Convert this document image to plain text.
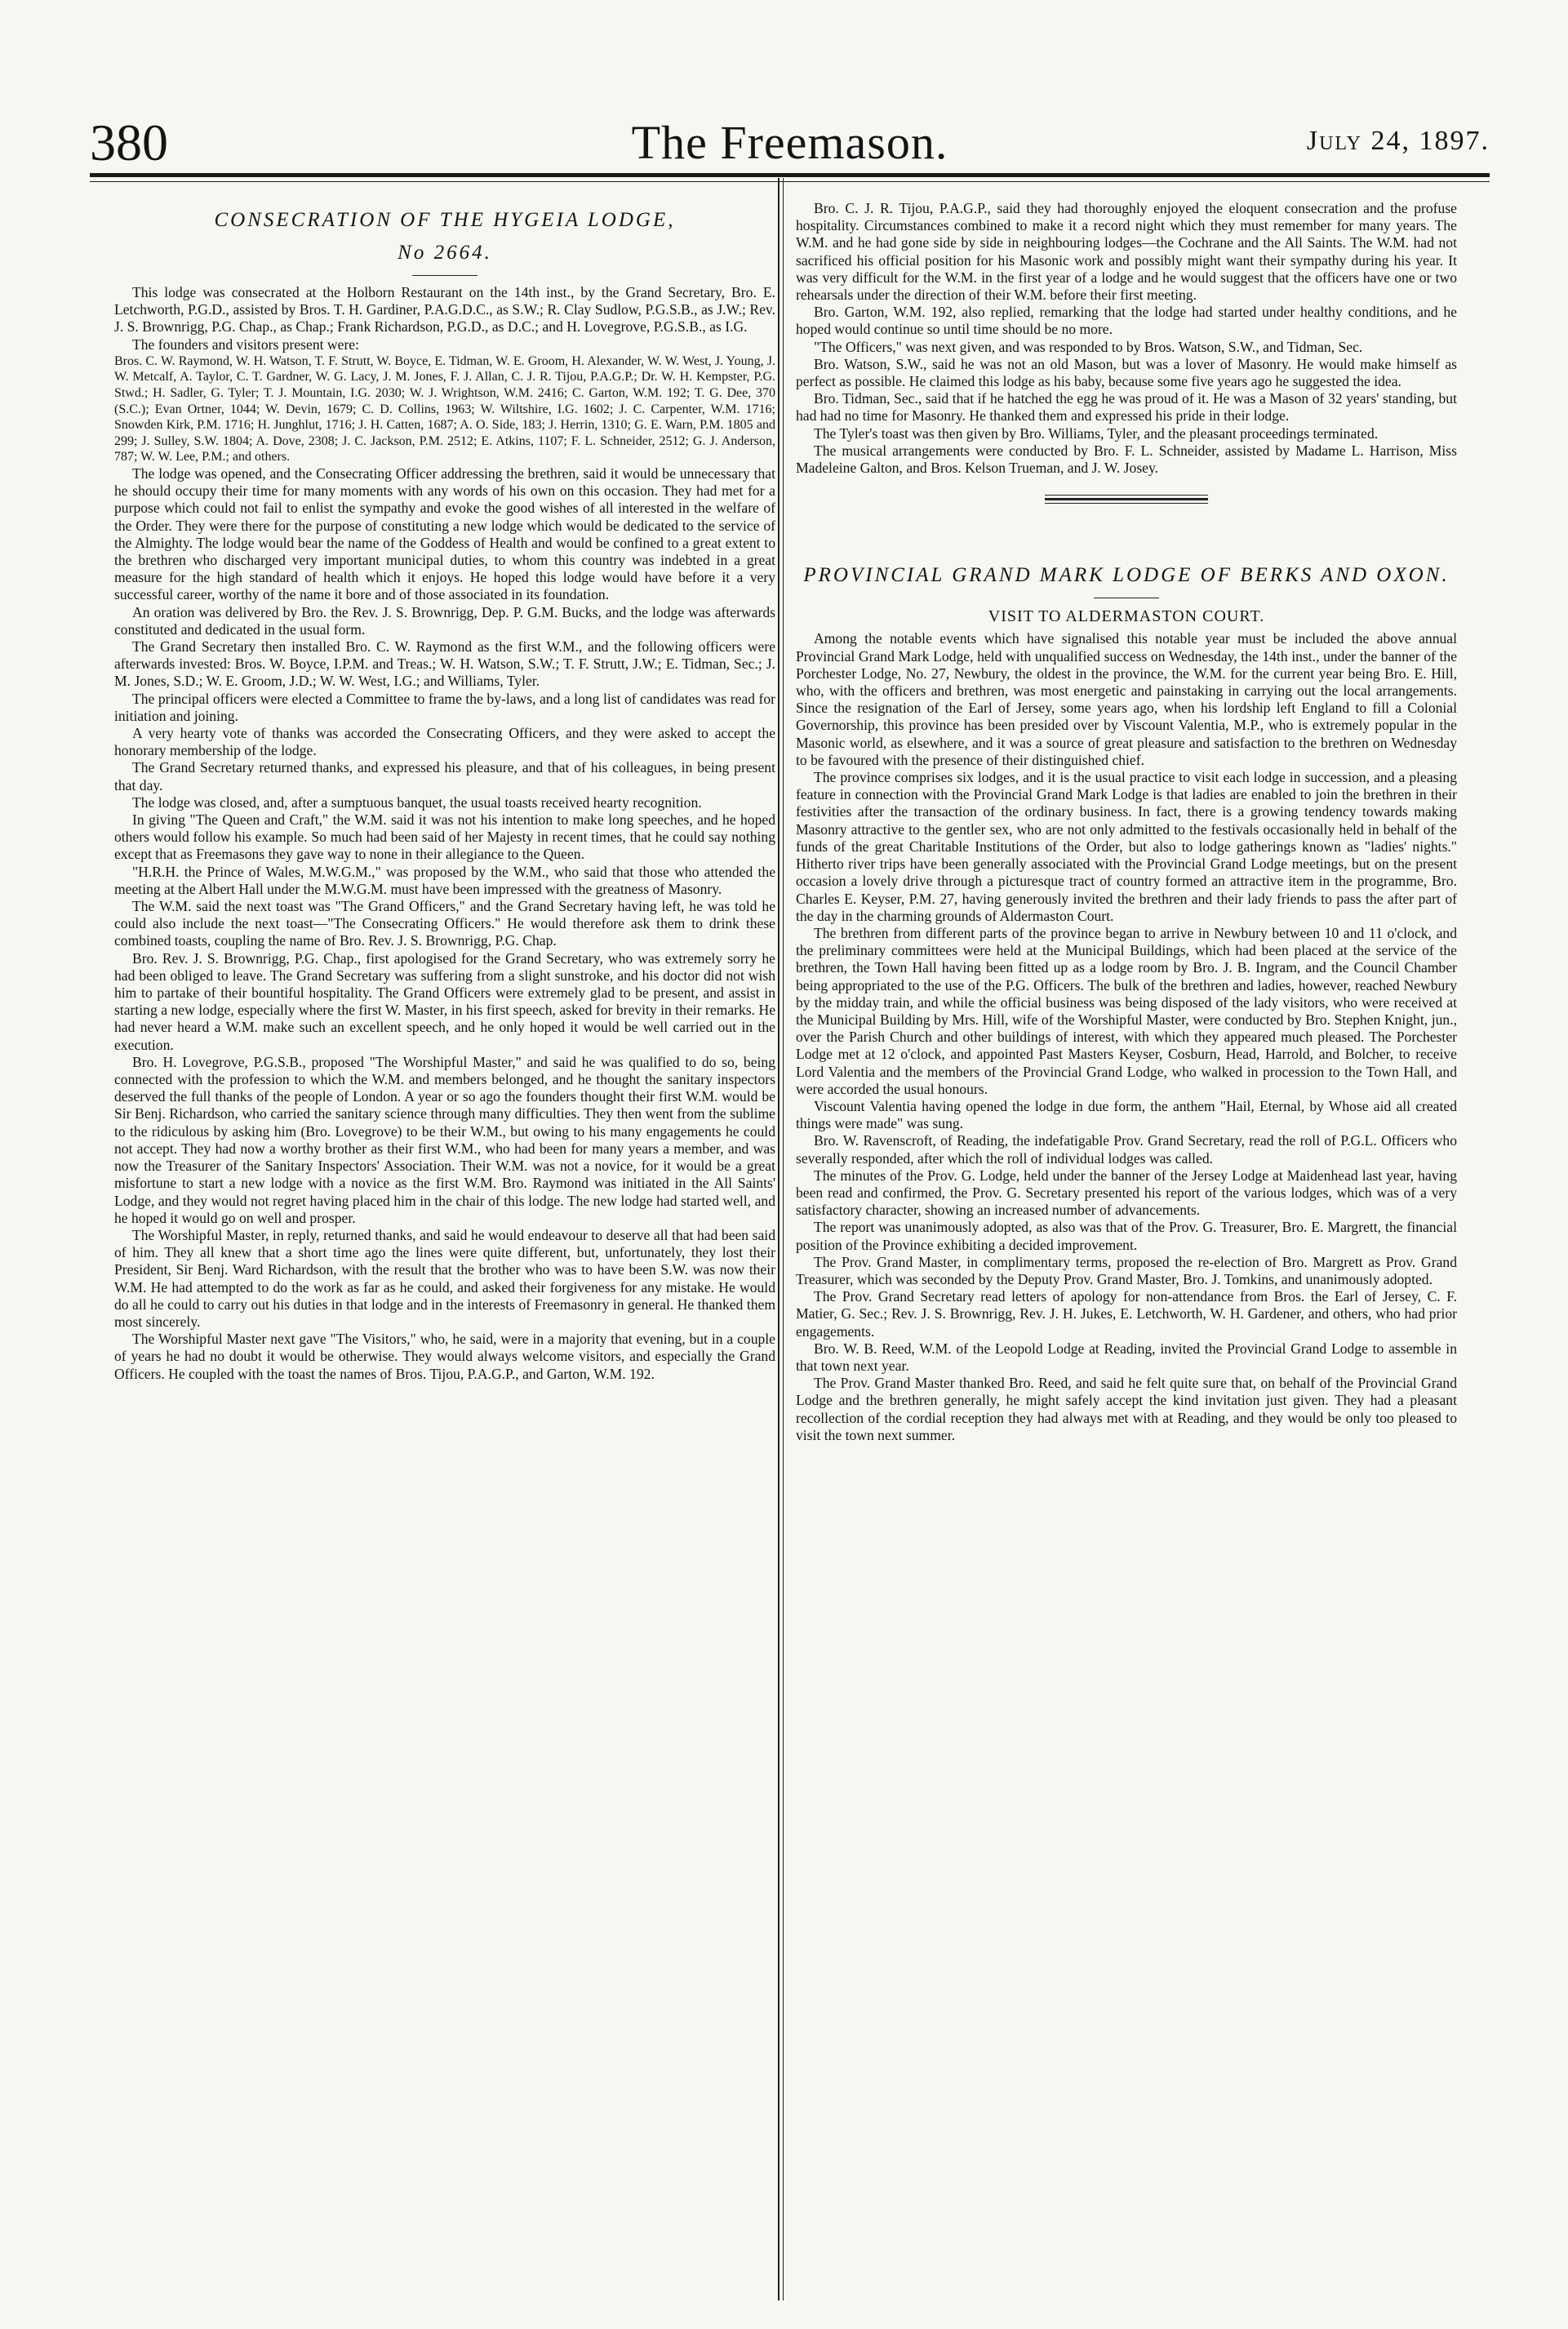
380	The Freemason.	July 24, 1897.
CONSECRATION OF THE HYGEIA LODGE,
No 2664.

This lodge was consecrated at the Holborn Restaurant on the 14th inst., by the Grand Secretary, Bro. E. Letchworth, P.G.D., assisted by Bros. T. H. Gardiner, P.A.G.D.C., as S.W.; R. Clay Sudlow, P.G.S.B., as J.W.; Rev. J. S. Brownrigg, P.G. Chap., as Chap.; Frank Richardson, P.G.D., as D.C.; and H. Lovegrove, P.G.S.B., as I.G.

The founders and visitors present were:

Bros. C. W. Raymond, W. H. Watson, T. F. Strutt, W. Boyce, E. Tidman, W. E. Groom, H. Alexander, W. W. West, J. Young, J. W. Metcalf, A. Taylor, C. T. Gardner, W. G. Lacy, J. M. Jones, F. J. Allan, C. J. R. Tijou, P.A.G.P.; Dr. W. H. Kempster, P.G. Stwd.; H. Sadler, G. Tyler; T. J. Mountain, I.G. 2030; W. J. Wrightson, W.M. 2416; C. Garton, W.M. 192; T. G. Dee, 370 (S.C.); Evan Ortner, 1044; W. Devin, 1679; C. D. Collins, 1963; W. Wiltshire, I.G. 1602; J. C. Carpenter, W.M. 1716; Snowden Kirk, P.M. 1716; H. Junghlut, 1716; J. H. Catten, 1687; A. O. Side, 183; J. Herrin, 1310; G. E. Warn, P.M. 1805 and 299; J. Sulley, S.W. 1804; A. Dove, 2308; J. C. Jackson, P.M. 2512; E. Atkins, 1107; F. L. Schneider, 2512; G. J. Anderson, 787; W. W. Lee, P.M.; and others.

The lodge was opened, and the Consecrating Officer addressing the brethren, said it would be unnecessary that he should occupy their time for many moments with any words of his own on this occasion. They had met for a purpose which could not fail to enlist the sympathy and evoke the good wishes of all interested in the welfare of the Order. They were there for the purpose of constituting a new lodge which would be dedicated to the service of the Almighty. The lodge would bear the name of the Goddess of Health and would be confined to a great extent to the brethren who discharged very important municipal duties, to whom this country was indebted in a great measure for the high standard of health which it enjoys. He hoped this lodge would have before it a very successful career, worthy of the name it bore and of those associated in its foundation.

An oration was delivered by Bro. the Rev. J. S. Brownrigg, Dep. P. G.M. Bucks, and the lodge was afterwards constituted and dedicated in the usual form.

The Grand Secretary then installed Bro. C. W. Raymond as the first W.M., and the following officers were afterwards invested: Bros. W. Boyce, I.P.M. and Treas.; W. H. Watson, S.W.; T. F. Strutt, J.W.; E. Tidman, Sec.; J. M. Jones, S.D.; W. E. Groom, J.D.; W. W. West, I.G.; and Williams, Tyler.

The principal officers were elected a Committee to frame the by-laws, and a long list of candidates was read for initiation and joining.

A very hearty vote of thanks was accorded the Consecrating Officers, and they were asked to accept the honorary membership of the lodge.

The Grand Secretary returned thanks, and expressed his pleasure, and that of his colleagues, in being present that day.

The lodge was closed, and, after a sumptuous banquet, the usual toasts received hearty recognition.

In giving "The Queen and Craft," the W.M. said it was not his intention to make long speeches, and he hoped others would follow his example. So much had been said of her Majesty in recent times, that he could say nothing except that as Freemasons they gave way to none in their allegiance to the Queen.

"H.R.H. the Prince of Wales, M.W.G.M.," was proposed by the W.M., who said that those who attended the meeting at the Albert Hall under the M.W.G.M. must have been impressed with the greatness of Masonry.

The W.M. said the next toast was "The Grand Officers," and the Grand Secretary having left, he was told he could also include the next toast—"The Consecrating Officers." He would therefore ask them to drink these combined toasts, coupling the name of Bro. Rev. J. S. Brownrigg, P.G. Chap.

Bro. Rev. J. S. Brownrigg, P.G. Chap., first apologised for the Grand Secretary, who was extremely sorry he had been obliged to leave. The Grand Secretary was suffering from a slight sunstroke, and his doctor did not wish him to partake of their bountiful hospitality. The Grand Officers were extremely glad to be present, and assist in starting a new lodge, especially where the first W. Master, in his first speech, asked for brevity in their remarks. He had never heard a W.M. make such an excellent speech, and he only hoped it would be well carried out in the execution.

Bro. H. Lovegrove, P.G.S.B., proposed "The Worshipful Master," and said he was qualified to do so, being connected with the profession to which the W.M. and members belonged, and he thought the sanitary inspectors deserved the full thanks of the people of London. A year or so ago the founders thought their first W.M. would be Sir Benj. Richardson, who carried the sanitary science through many difficulties. They then went from the sublime to the ridiculous by asking him (Bro. Lovegrove) to be their W.M., but owing to his many engagements he could not accept. They had now a worthy brother as their first W.M., who had been for many years a member, and was now the Treasurer of the Sanitary Inspectors' Association. Their W.M. was not a novice, for it would be a great misfortune to start a new lodge with a novice as the first W.M. Bro. Raymond was initiated in the All Saints' Lodge, and they would not regret having placed him in the chair of this lodge. The new lodge had started well, and he hoped it would go on well and prosper.

The Worshipful Master, in reply, returned thanks, and said he would endeavour to deserve all that had been said of him. They all knew that a short time ago the lines were quite different, but, unfortunately, they lost their President, Sir Benj. Ward Richardson, with the result that the brother who was to have been S.W. was now their W.M. He had attempted to do the work as far as he could, and asked their forgiveness for any mistake. He would do all he could to carry out his duties in that lodge and in the interests of Freemasonry in general. He thanked them most sincerely.

The Worshipful Master next gave "The Visitors," who, he said, were in a majority that evening, but in a couple of years he had no doubt it would be otherwise. They would always welcome visitors, and especially the Grand Officers. He coupled with the toast the names of Bros. Tijou, P.A.G.P., and Garton, W.M. 192.

Bro. C. J. R. Tijou, P.A.G.P., said they had thoroughly enjoyed the eloquent consecration and the profuse hospitality. Circumstances combined to make it a record night which they must remember for many years. The W.M. and he had gone side by side in neighbouring lodges—the Cochrane and the All Saints. The W.M. had not sacrificed his official position for his Masonic work and possibly might want their sympathy during his year. It was very difficult for the W.M. in the first year of a lodge and he would suggest that the officers have one or two rehearsals under the direction of their W.M. before their first meeting.

Bro. Garton, W.M. 192, also replied, remarking that the lodge had started under healthy conditions, and he hoped would continue so until time should be no more.

"The Officers," was next given, and was responded to by Bros. Watson, S.W., and Tidman, Sec.

Bro. Watson, S.W., said he was not an old Mason, but was a lover of Masonry. He would make himself as perfect as possible. He claimed this lodge as his baby, because some five years ago he suggested the idea.

Bro. Tidman, Sec., said that if he hatched the egg he was proud of it. He was a Mason of 32 years' standing, but had had no time for Masonry. He thanked them and expressed his pride in their lodge.

The Tyler's toast was then given by Bro. Williams, Tyler, and the pleasant proceedings terminated.

The musical arrangements were conducted by Bro. F. L. Schneider, assisted by Madame L. Harrison, Miss Madeleine Galton, and Bros. Kelson Trueman, and J. W. Josey.

PROVINCIAL GRAND MARK LODGE OF BERKS AND OXON.
VISIT TO ALDERMASTON COURT.

Among the notable events which have signalised this notable year must be included the above annual Provincial Grand Mark Lodge, held with unqualified success on Wednesday, the 14th inst., under the banner of the Porchester Lodge, No. 27, Newbury, the oldest in the province, the W.M. for the current year being Bro. E. Hill, who, with the officers and brethren, was most energetic and painstaking in carrying out the local arrangements. Since the resignation of the Earl of Jersey, some years ago, when his lordship left England to fill a Colonial Governorship, this province has been presided over by Viscount Valentia, M.P., who is extremely popular in the Masonic world, as elsewhere, and it was a source of great pleasure and satisfaction to the brethren on Wednesday to be favoured with the presence of their distinguished chief.

The province comprises six lodges, and it is the usual practice to visit each lodge in succession, and a pleasing feature in connection with the Provincial Grand Mark Lodge is that ladies are enabled to join the brethren in their festivities after the transaction of the ordinary business. In fact, there is a growing tendency towards making Masonry attractive to the gentler sex, who are not only admitted to the festivals occasionally held in behalf of the funds of the great Charitable Institutions of the Order, but also to lodge gatherings known as "ladies' nights." Hitherto river trips have been generally associated with the Provincial Grand Lodge meetings, but on the present occasion a lovely drive through a picturesque tract of country formed an attractive item in the programme, Bro. Charles E. Keyser, P.M. 27, having generously invited the brethren and their lady friends to pass the after part of the day in the charming grounds of Aldermaston Court.

The brethren from different parts of the province began to arrive in Newbury between 10 and 11 o'clock, and the preliminary committees were held at the Municipal Buildings, which had been placed at the service of the brethren, the Town Hall having been fitted up as a lodge room by Bro. J. B. Ingram, and the Council Chamber being appropriated to the use of the P.G. Officers. The bulk of the brethren and ladies, however, reached Newbury by the midday train, and while the official business was being disposed of the lady visitors, who were received at the Municipal Building by Mrs. Hill, wife of the Worshipful Master, were conducted by Bro. Stephen Knight, jun., over the Parish Church and other buildings of interest, with which they appeared much pleased. The Porchester Lodge met at 12 o'clock, and appointed Past Masters Keyser, Cosburn, Head, Harrold, and Bolcher, to receive Lord Valentia and the members of the Provincial Grand Lodge, who walked in procession to the Town Hall, and were accorded the usual honours.

Viscount Valentia having opened the lodge in due form, the anthem "Hail, Eternal, by Whose aid all created things were made" was sung.

Bro. W. Ravenscroft, of Reading, the indefatigable Prov. Grand Secretary, read the roll of P.G.L. Officers who severally responded, after which the roll of individual lodges was called.

The minutes of the Prov. G. Lodge, held under the banner of the Jersey Lodge at Maidenhead last year, having been read and confirmed, the Prov. G. Secretary presented his report of the various lodges, which was of a very satisfactory character, showing an increased number of advancements.

The report was unanimously adopted, as also was that of the Prov. G. Treasurer, Bro. E. Margrett, the financial position of the Province exhibiting a decided improvement.

The Prov. Grand Master, in complimentary terms, proposed the re-election of Bro. Margrett as Prov. Grand Treasurer, which was seconded by the Deputy Prov. Grand Master, Bro. J. Tomkins, and unanimously adopted.

The Prov. Grand Secretary read letters of apology for non-attendance from Bros. the Earl of Jersey, C. F. Matier, G. Sec.; Rev. J. S. Brownrigg, Rev. J. H. Jukes, E. Letchworth, W. H. Gardener, and others, who had prior engagements.

Bro. W. B. Reed, W.M. of the Leopold Lodge at Reading, invited the Provincial Grand Lodge to assemble in that town next year.

The Prov. Grand Master thanked Bro. Reed, and said he felt quite sure that, on behalf of the Provincial Grand Lodge and the brethren generally, he might safely accept the kind invitation just given. They had a pleasant recollection of the cordial reception they had always met with at Reading, and they would be only too pleased to visit the town next summer.
